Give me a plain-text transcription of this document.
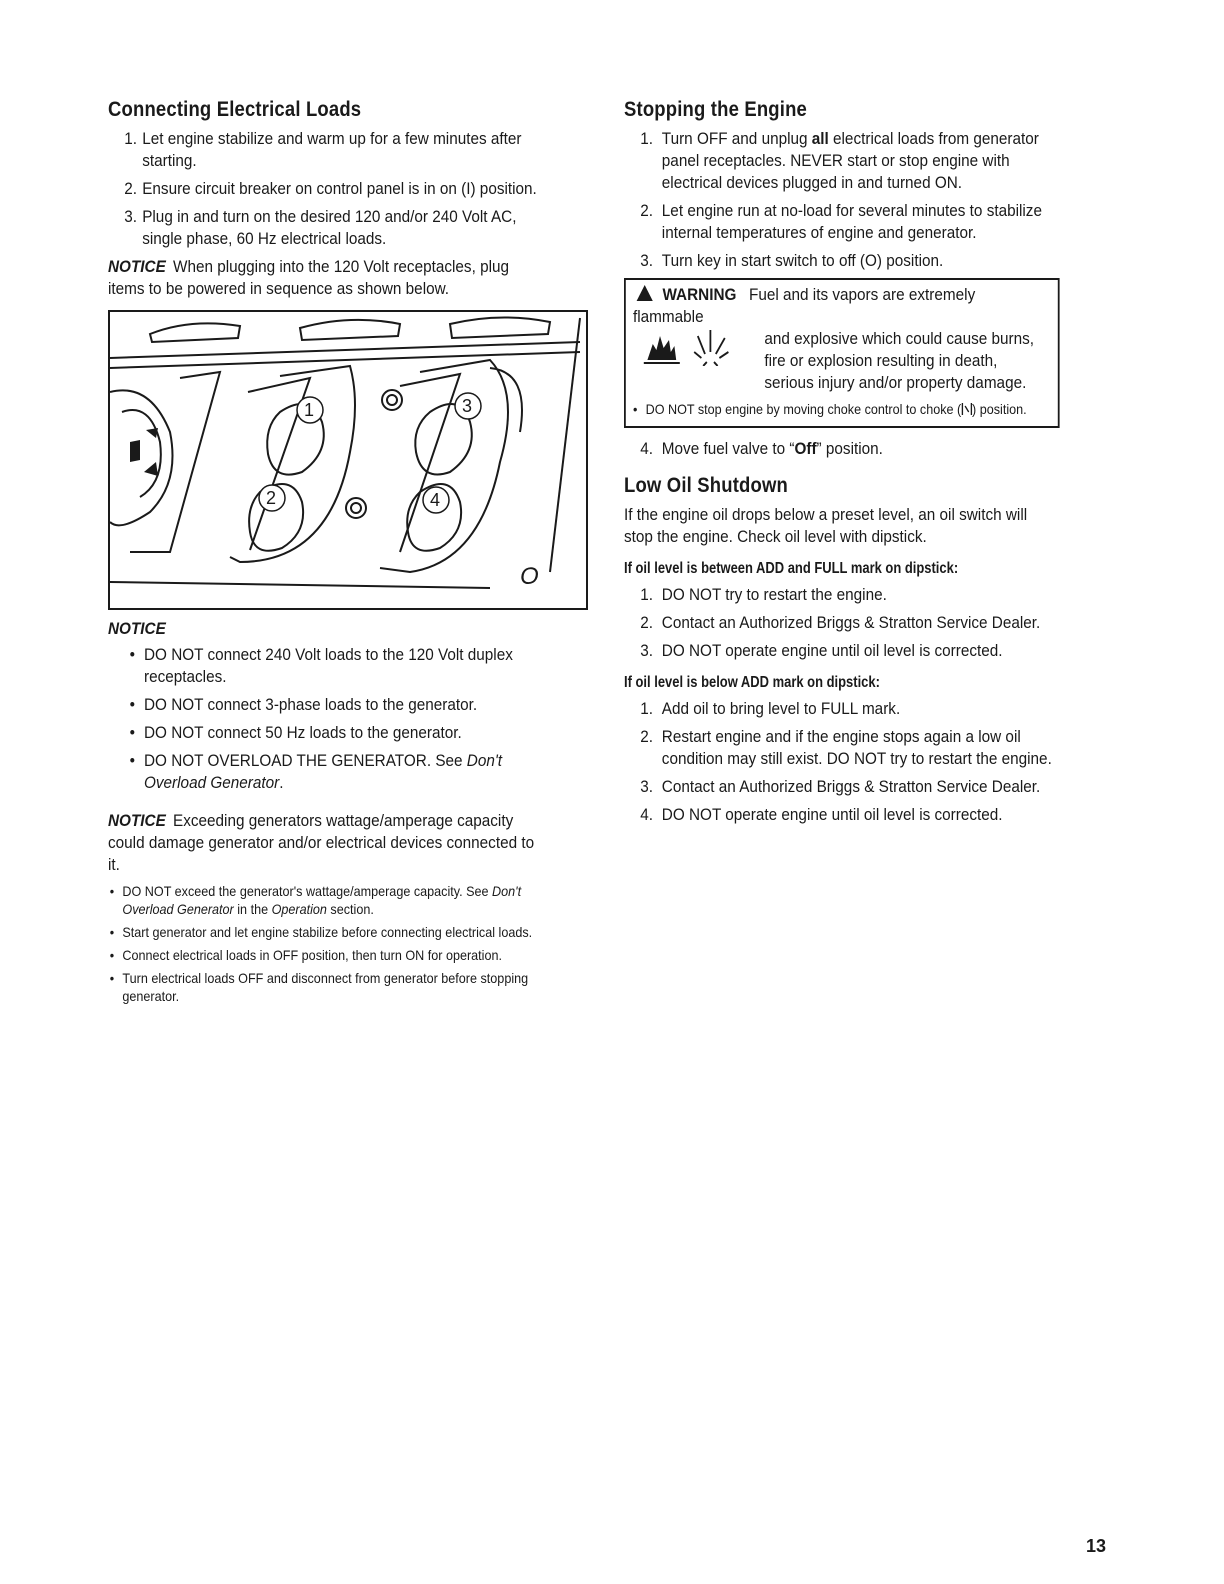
Connecting Electrical Loads
1. Let engine stabilize and warm up for a few minutes after starting.
2. Ensure circuit breaker on control panel is in on (I) position.
3. Plug in and turn on the desired 120 and/or 240 Volt AC, single phase, 60 Hz electrical loads.
NOTICE When plugging into the 120 Volt receptacles, plug items to be powered in sequence as shown below.
1
2
3
4
O
NOTICE
• DO NOT connect 240 Volt loads to the 120 Volt duplex receptacles.
• DO NOT connect 3-phase loads to the generator.
• DO NOT connect 50 Hz loads to the generator.
• DO NOT OVERLOAD THE GENERATOR. See Don't Overload Generator.
NOTICE Exceeding generators wattage/amperage capacity could damage generator and/or electrical devices connected to it.
• DO NOT exceed the generator's wattage/amperage capacity. See Don't Overload Generator in the Operation section.
• Start generator and let engine stabilize before connecting electrical loads.
• Connect electrical loads in OFF position, then turn ON for operation.
• Turn electrical loads OFF and disconnect from generator before stopping generator.
Stopping the Engine
1. Turn OFF and unplug all electrical loads from generator panel receptacles. NEVER start or stop engine with electrical devices plugged in and turned ON.
2. Let engine run at no-load for several minutes to stabilize internal temperatures of engine and generator.
3. Turn key in start switch to off (O) position.
WARNING Fuel and its vapors are extremely flammable
and explosive which could cause burns, fire or explosion resulting in death, serious injury and/or property damage.
• DO NOT stop engine by moving choke control to choke ( ) position.
4. Move fuel valve to “Off” position.
Low Oil Shutdown
If the engine oil drops below a preset level, an oil switch will stop the engine. Check oil level with dipstick.
If oil level is between ADD and FULL mark on dipstick:
1. DO NOT try to restart the engine.
2. Contact an Authorized Briggs & Stratton Service Dealer.
3. DO NOT operate engine until oil level is corrected.
If oil level is below ADD mark on dipstick:
1. Add oil to bring level to FULL mark.
2. Restart engine and if the engine stops again a low oil condition may still exist. DO NOT try to restart the engine.
3. Contact an Authorized Briggs & Stratton Service Dealer.
4. DO NOT operate engine until oil level is corrected.
13
